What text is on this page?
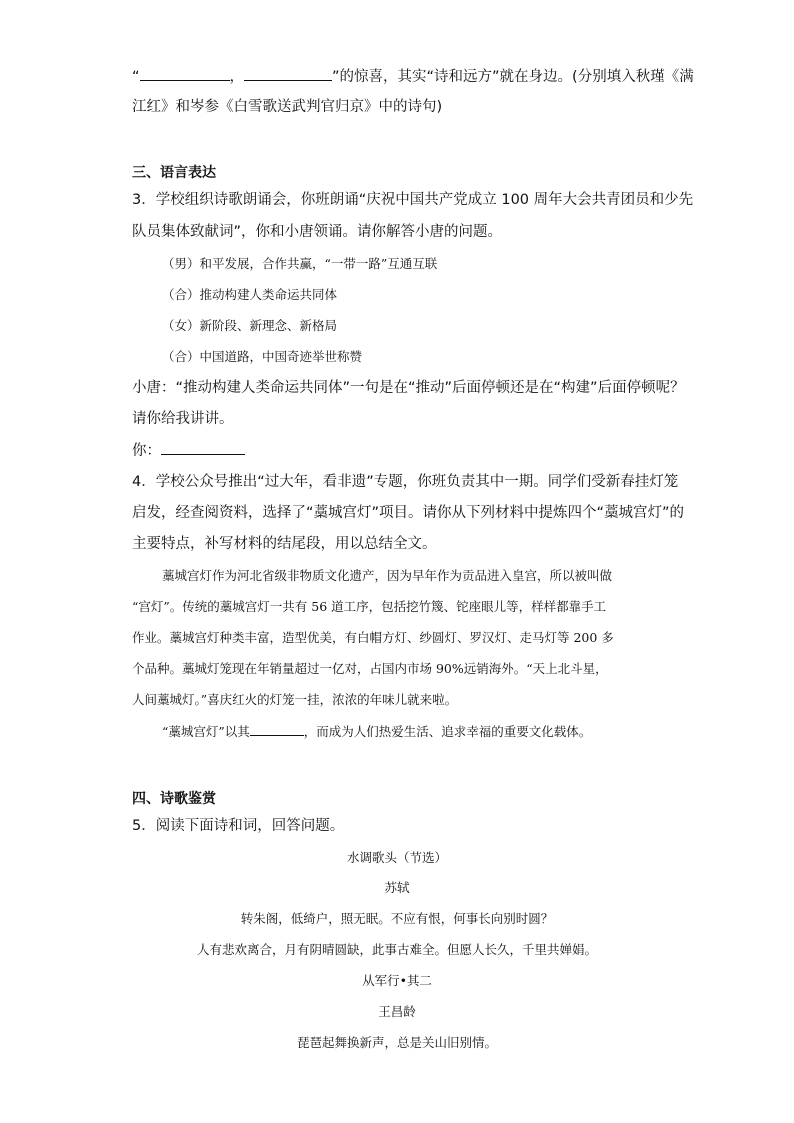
“	，	”的惊喜，其实“诗和远方”就在身边。(分别填入秋瑾《满
江红》和岑参《白雪歌送武判官归京》中的诗句)
三、语言表达
3．学校组织诗歌朗诵会，你班朗诵“庆祝中国共产党成立 100 周年大会共青团员和少先
队员集体致献词”，你和小唐领诵。请你解答小唐的问题。
（男）和平发展，合作共赢，“一带一路”互通互联
（合）推动构建人类命运共同体
（女）新阶段、新理念、新格局
（合）中国道路，中国奇迹举世称赞
小唐：“推动构建人类命运共同体”一句是在“推动”后面停顿还是在“构建”后面停顿呢？
请你给我讲讲。
你：
4．学校公众号推出“过大年，看非遗”专题，你班负责其中一期。同学们受新春挂灯笼
启发，经查阅资料，选择了“藁城宫灯”项目。请你从下列材料中提炼四个“藁城宫灯”的
主要特点，补写材料的结尾段，用以总结全文。
藁城宫灯作为河北省级非物质文化遗产，因为早年作为贡品进入皇宫，所以被叫做
“宫灯”。传统的藁城宫灯一共有 56 道工序，包括挖竹篾、铊座眼儿等，样样都靠手工
作业。藁城宫灯种类丰富，造型优美，有白帽方灯、纱圆灯、罗汉灯、走马灯等 200 多
个品种。藁城灯笼现在年销量超过一亿对，占国内市场 90%远销海外。“天上北斗星，
人间藁城灯。”喜庆红火的灯笼一挂，浓浓的年味儿就来啦。
“藁城宫灯”以其	，而成为人们热爱生活、追求幸福的重要文化载体。
四、诗歌鉴赏
5．阅读下面诗和词，回答问题。
水调歌头（节选）
苏轼
转朱阁，低绮户，照无眠。不应有恨，何事长向别时圆？
人有悲欢离合，月有阴晴圆缺，此事古难全。但愿人长久，千里共婵娟。
从军行•其二
王昌龄
琵琶起舞换新声，总是关山旧别情。
